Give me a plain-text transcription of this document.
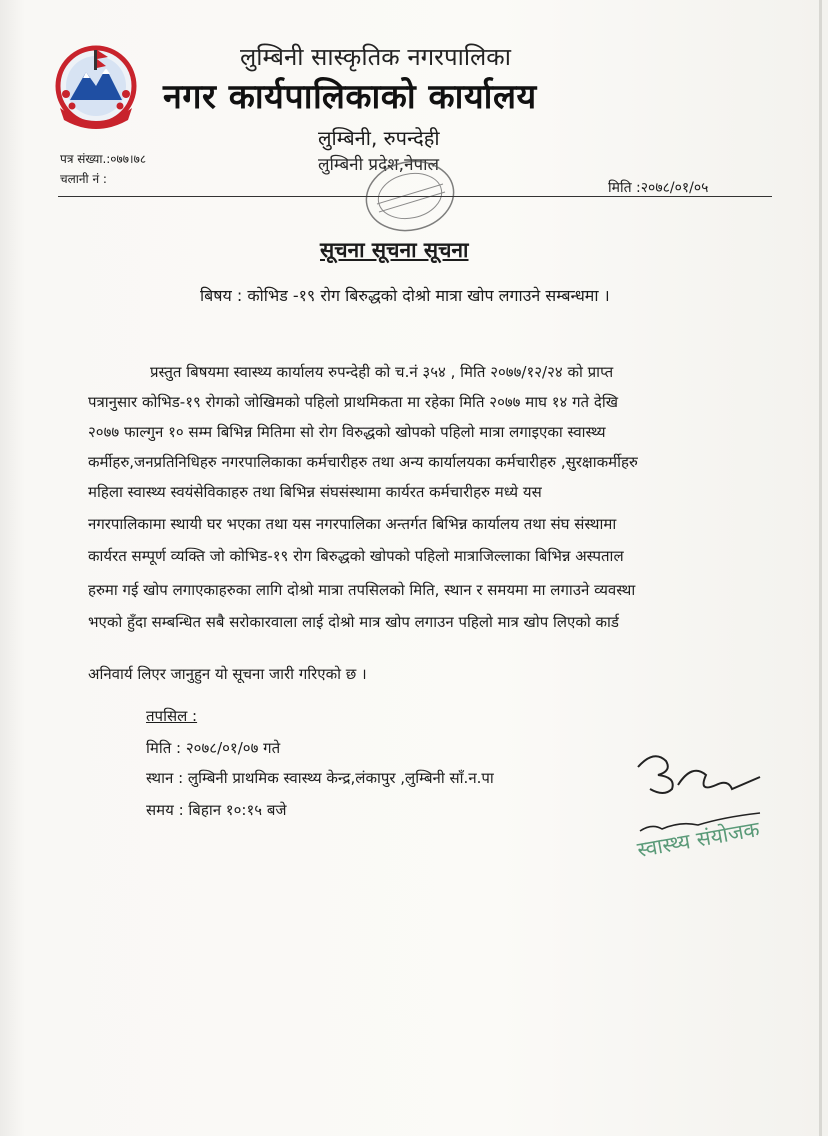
लुम्बिनी सास्कृतिक नगरपालिका
नगर कार्यपालिकाको कार्यालय
लुम्बिनी, रुपन्देही
लुम्बिनी प्रदेश,नेपाल
पत्र संख्या.:०७७।७८
चलानी नं :
मिति :२०७८/०१/०५
सूचना सूचना सूचना
बिषय : कोभिड -१९ रोग बिरुद्धको दोश्रो मात्रा खोप लगाउने सम्बन्धमा ।
प्रस्तुत बिषयमा स्वास्थ्य कार्यालय रुपन्देही को च.नं ३५४ , मिति २०७७/१२/२४ को प्राप्त
पत्रानुसार कोभिड-१९ रोगको जोखिमको पहिलो प्राथमिकता मा रहेका मिति २०७७ माघ १४ गते देखि
२०७७ फाल्गुन १० सम्म बिभिन्न मितिमा सो रोग विरुद्धको खोपको पहिलो मात्रा लगाइएका स्वास्थ्य
कर्मीहरु,जनप्रतिनिधिहरु नगरपालिकाका कर्मचारीहरु तथा अन्य कार्यालयका कर्मचारीहरु ,सुरक्षाकर्मीहरु
महिला स्वास्थ्य स्वयंसेविकाहरु तथा बिभिन्न संघसंस्थामा कार्यरत कर्मचारीहरु मध्ये यस
नगरपालिकामा स्थायी घर भएका तथा यस नगरपालिका अन्तर्गत बिभिन्न कार्यालय तथा संघ संस्थामा
कार्यरत सम्पूर्ण व्यक्ति जो कोभिड-१९ रोग बिरुद्धको खोपको पहिलो मात्राजिल्लाका बिभिन्न अस्पताल
हरुमा गई खोप लगाएकाहरुका लागि दोश्रो मात्रा तपसिलको मिति, स्थान र समयमा मा लगाउने व्यवस्था
भएको हुँदा सम्बन्धित सबै सरोकारवाला लाई दोश्रो मात्र खोप लगाउन पहिलो मात्र खोप लिएको कार्ड
अनिवार्य लिएर जानुहुन यो सूचना जारी गरिएको छ ।
तपसिल :
मिति : २०७८/०१/०७ गते
स्थान : लुम्बिनी प्राथमिक स्वास्थ्य केन्द्र,लंकापुर ,लुम्बिनी साँ.न.पा
समय : बिहान १०:१५ बजे
स्वास्थ्य संयोजक
